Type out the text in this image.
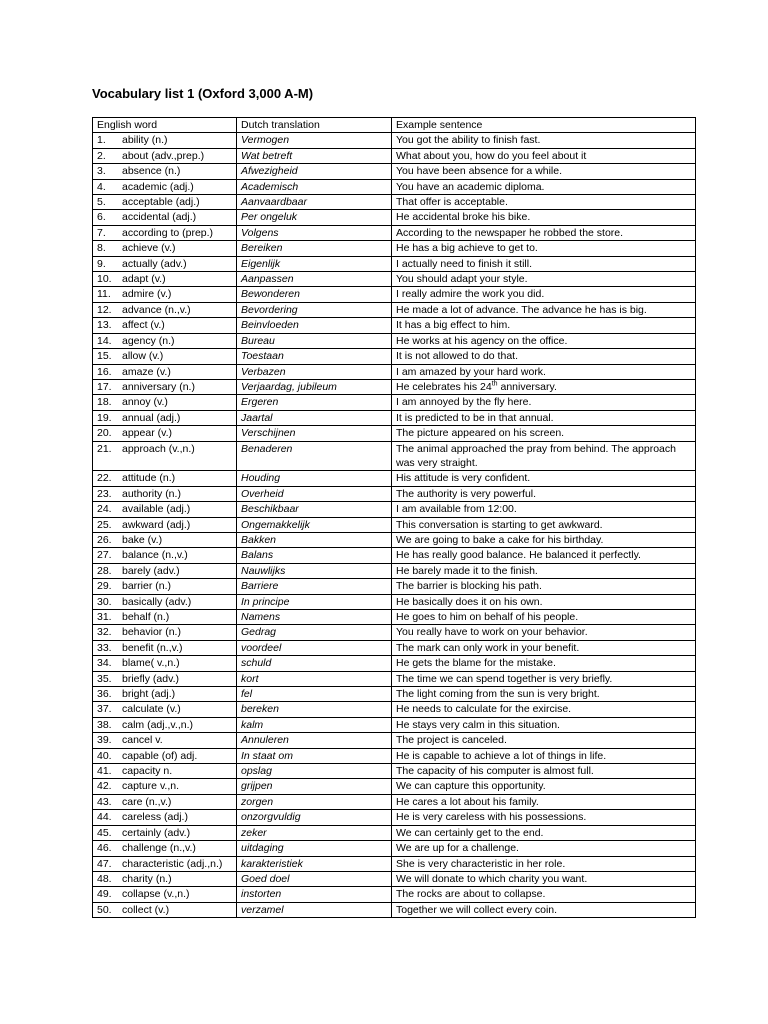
Vocabulary list 1 (Oxford 3,000 A-M)
English word	Dutch translation	Example sentence
1. ability (n.)	Vermogen	You got the ability to finish fast.
2. about (adv.,prep.)	Wat betreft	What about you, how do you feel about it
3. absence (n.)	Afwezigheid	You have been absence for a while.
4. academic (adj.)	Academisch	You have an academic diploma.
5. acceptable (adj.)	Aanvaardbaar	That offer is acceptable.
6. accidental (adj.)	Per ongeluk	He accidental broke his bike.
7. according to (prep.)	Volgens	According to the newspaper he robbed the store.
8. achieve (v.)	Bereiken	He has a big achieve to get to.
9. actually (adv.)	Eigenlijk	I actually need to finish it still.
10. adapt (v.)	Aanpassen	You should adapt your style.
11. admire (v.)	Bewonderen	I really admire the work you did.
12. advance (n.,v.)	Bevordering	He made a lot of advance. The advance he has is big.
13. affect (v.)	Beinvloeden	It has a big effect to him.
14. agency (n.)	Bureau	He works at his agency on the office.
15. allow (v.)	Toestaan	It is not allowed to do that.
16. amaze (v.)	Verbazen	I am amazed by your hard work.
17. anniversary (n.)	Verjaardag, jubileum	He celebrates his 24th anniversary.
18. annoy (v.)	Ergeren	I am annoyed by the fly here.
19. annual (adj.)	Jaartal	It is predicted to be in that annual.
20. appear (v.)	Verschijnen	The picture appeared on his screen.
21. approach (v.,n.)	Benaderen	The animal approached the pray from behind. The approach was very straight.
22. attitude (n.)	Houding	His attitude is very confident.
23. authority (n.)	Overheid	The authority is very powerful.
24. available (adj.)	Beschikbaar	I am available from 12:00.
25. awkward (adj.)	Ongemakkelijk	This conversation is starting to get awkward.
26. bake (v.)	Bakken	We are going to bake a cake for his birthday.
27. balance (n.,v.)	Balans	He has really good balance. He balanced it perfectly.
28. barely (adv.)	Nauwlijks	He barely made it to the finish.
29. barrier (n.)	Barriere	The barrier is blocking his path.
30. basically (adv.)	In principe	He basically does it on his own.
31. behalf (n.)	Namens	He goes to him on behalf of his people.
32. behavior (n.)	Gedrag	You really have to work on your behavior.
33. benefit (n.,v.)	voordeel	The mark can only work in your benefit.
34. blame( v.,n.)	schuld	He gets the blame for the mistake.
35. briefly (adv.)	kort	The time we can spend together is very briefly.
36. bright (adj.)	fel	The light coming from the sun is very bright.
37. calculate (v.)	bereken	He needs to calculate for the exircise.
38. calm (adj.,v.,n.)	kalm	He stays very calm in this situation.
39. cancel v.	Annuleren	The project is canceled.
40. capable (of) adj.	In staat om	He is capable to achieve a lot of things in life.
41. capacity n.	opslag	The capacity of his computer is almost full.
42. capture v.,n.	grijpen	We can capture this opportunity.
43. care (n.,v.)	zorgen	He cares a lot about his family.
44. careless (adj.)	onzorgvuldig	He is very careless with his possessions.
45. certainly (adv.)	zeker	We can certainly get to the end.
46. challenge (n.,v.)	uitdaging	We are up for a challenge.
47. characteristic (adj.,n.)	karakteristiek	She is very characteristic in her role.
48. charity (n.)	Goed doel	We will donate to which charity you want.
49. collapse (v.,n.)	instorten	The rocks are about to collapse.
50. collect (v.)	verzamel	Together we will collect every coin.
